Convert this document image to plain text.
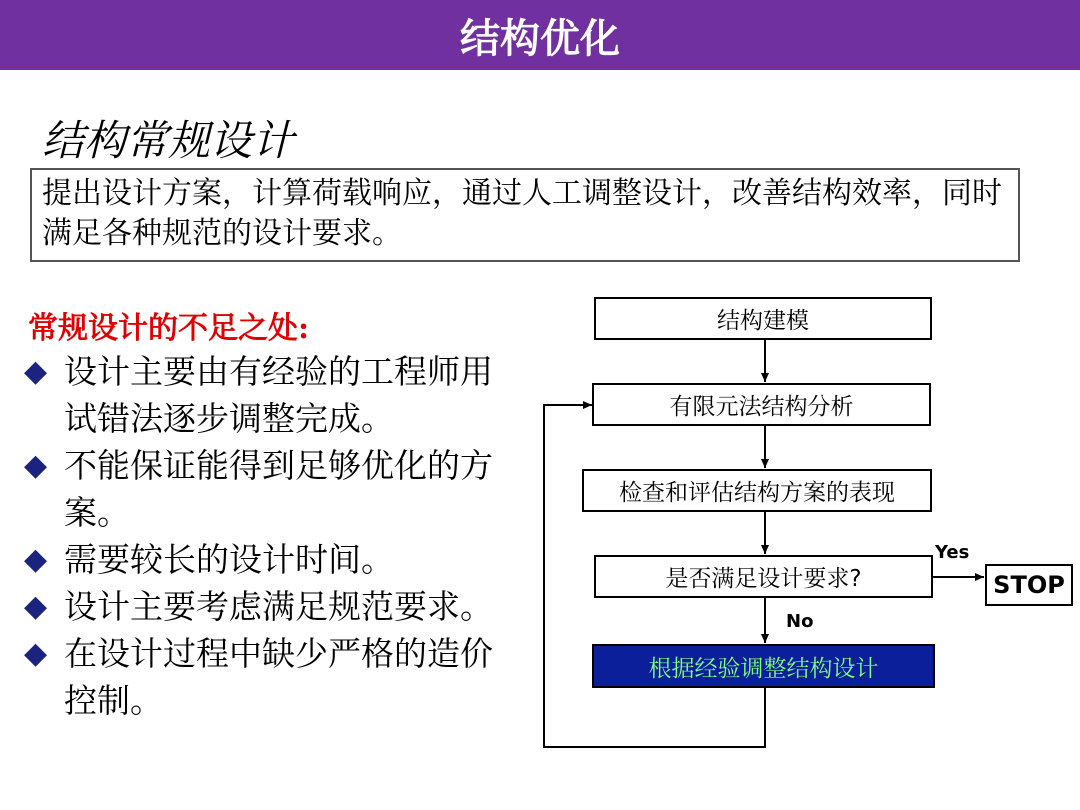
结构优化
结构常规设计
提出设计方案，计算荷载响应，通过人工调整设计，改善结构效率，同时满足各种规范的设计要求。
常规设计的不足之处:
◆ 设计主要由有经验的工程师用试错法逐步调整完成。
◆ 不能保证能得到足够优化的方案。
◆ 需要较长的设计时间。
◆ 设计主要考虑满足规范要求。
◆ 在设计过程中缺少严格的造价控制。
结构建模
有限元法结构分析
检查和评估结构方案的表现
是否满足设计要求?
根据经验调整结构设计
STOP
Yes
No
